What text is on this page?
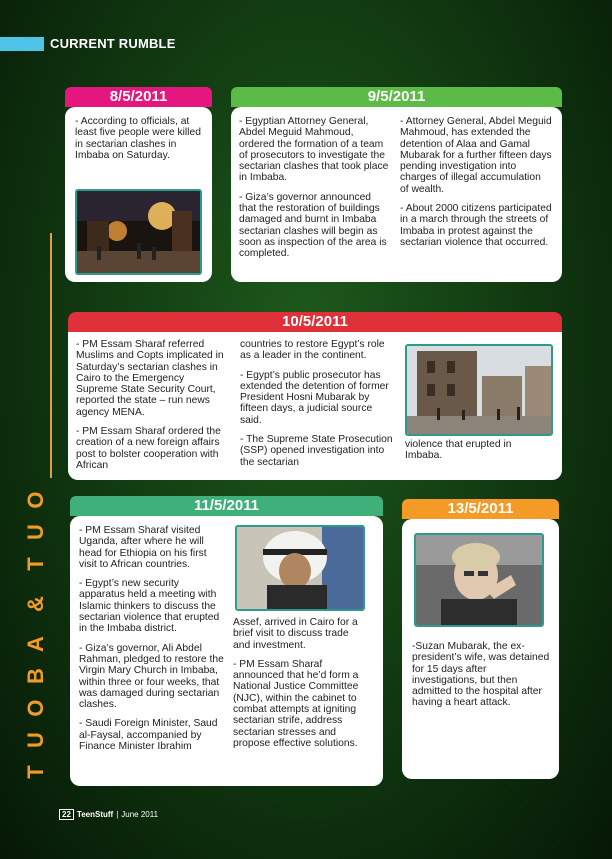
CURRENT RUMBLE
O
U
T
&
A
B
O
U
T
8/5/2011
- According to officials, at least five people were killed in sectarian clashes in Imbaba on Saturday.
9/5/2011

- Egyptian Attorney General, Abdel Meguid Mahmoud, ordered the formation of a team of prosecutors to investigate the sectarian clashes that took place in Imbaba.

- Giza’s governor announced that the restoration of buildings damaged and burnt in Imbaba sectarian clashes will begin as soon as inspection of the area is completed.

- Attorney General, Abdel Meguid Mahmoud, has extended the detention of Alaa and Gamal Mubarak for a further fifteen days pending investigation into charges of illegal accumulation of wealth.

- About 2000 citizens participated in a march through the streets of Imbaba in protest against the sectarian violence that occurred.

10/5/2011

- PM Essam Sharaf referred Muslims and Copts implicated in Saturday’s sectarian clashes in Cairo to the Emergency Supreme State Security Court, reported the state – run news agency MENA.

- PM Essam Sharaf ordered the creation of a new foreign affairs post to bolster cooperation with African

countries to restore Egypt’s role as a leader in the continent.

- Egypt’s public prosecutor has extended the detention of former President Hosni Mubarak by fifteen days, a judicial source said.

- The Supreme State Prosecution (SSP) opened investigation into the sectarian

violence that erupted in Imbaba.
11/5/2011

- PM Essam Sharaf visited Uganda, after where he will head for Ethiopia on his first visit to African countries.

- Egypt’s new security apparatus held a meeting with Islamic thinkers to discuss the sectarian violence that erupted in the Imbaba district.

- Giza’s governor, Ali Abdel Rahman, pledged to restore the Virgin Mary Church in Imbaba, within three or four weeks, that was damaged during sectarian clashes.

- Saudi Foreign Minister, Saud al-Faysal, accompanied by Finance Minister Ibrahim

Assef, arrived in Cairo for a brief visit to discuss trade and investment.

- PM Essam Sharaf announced that he’d form a National Justice Committee (NJC), within the cabinet to combat attempts at igniting sectarian strife, address sectarian stresses and propose effective solutions.

13/5/2011
-Suzan Mubarak, the ex-president’s wife, was detained for 15 days after investigations, but then admitted to the hospital after having a heart attack.
22 TeenStuff | June 2011
